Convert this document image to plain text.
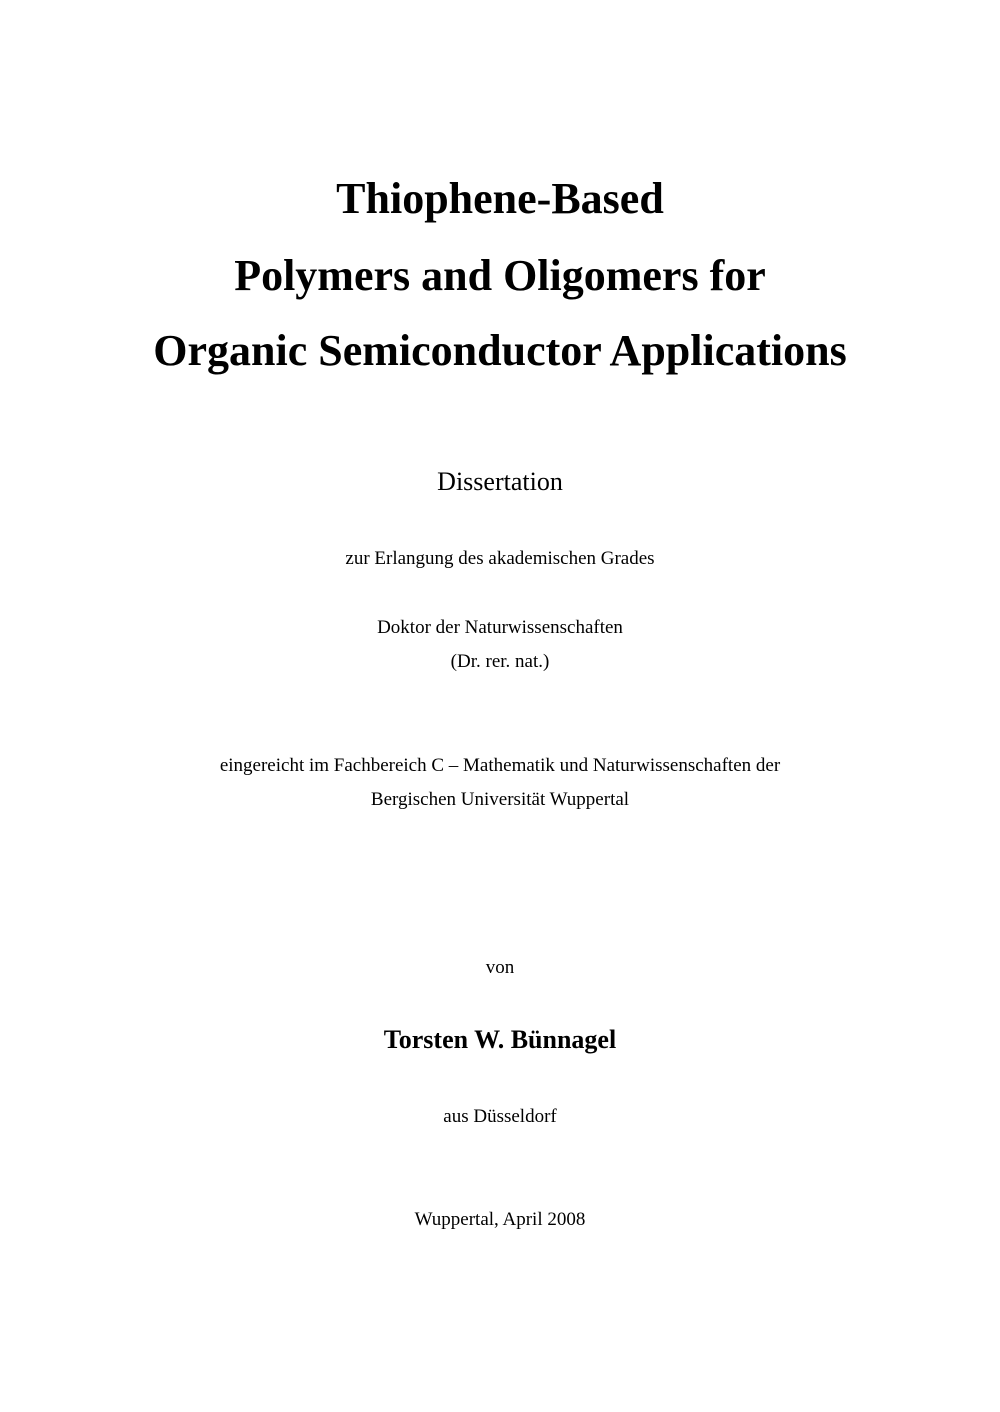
Thiophene-Based
Polymers and Oligomers for
Organic Semiconductor Applications
Dissertation
zur Erlangung des akademischen Grades
Doktor der Naturwissenschaften
(Dr. rer. nat.)
eingereicht im Fachbereich C – Mathematik und Naturwissenschaften der
Bergischen Universität Wuppertal
von
Torsten W. Bünnagel
aus Düsseldorf
Wuppertal, April 2008
